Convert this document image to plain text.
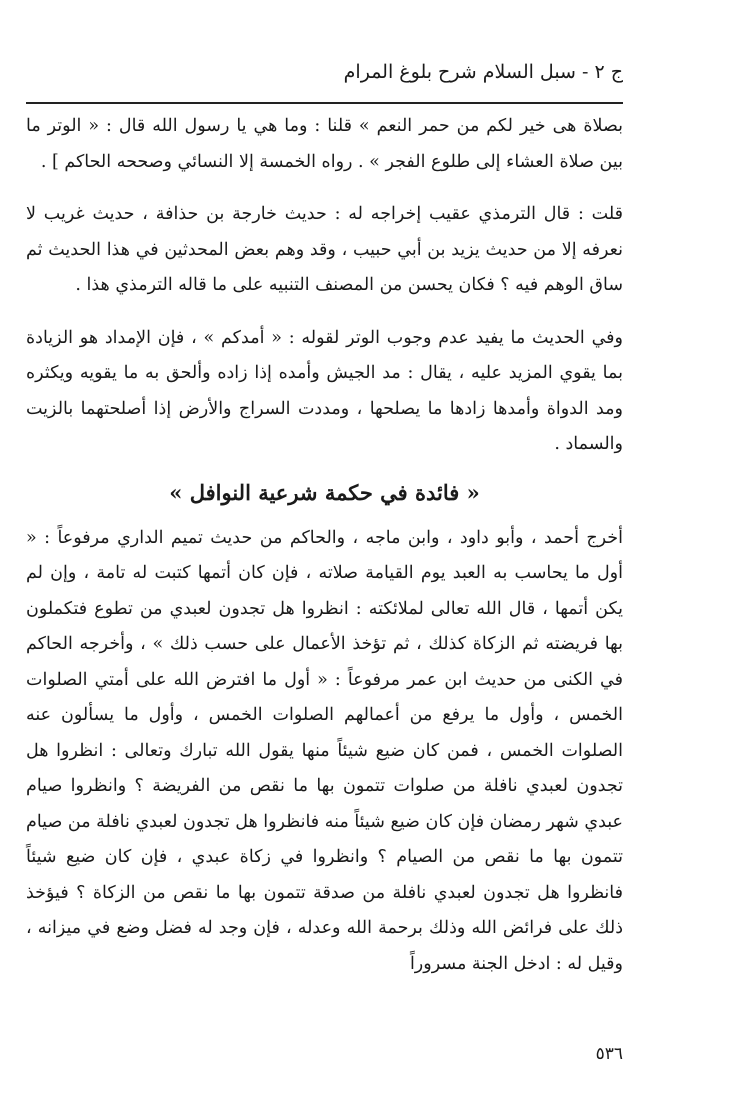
ج ٢ - سبل السلام شرح بلوغ المرام

بصلاة هى خير لكم من حمر النعم » قلنا : وما هي يا رسول الله قال : « الوتر ما بين صلاة العشاء إلى طلوع الفجر » . رواه الخمسة إلا النسائي وصححه الحاكم ] .

قلت : قال الترمذي عقيب إخراجه له : حديث خارجة بن حذافة ، حديث غريب لا نعرفه إلا من حديث يزيد بن أبي حبيب ، وقد وهم بعض المحدثين في هذا الحديث ثم ساق الوهم فيه ؟ فكان يحسن من المصنف التنبيه على ما قاله الترمذي هذا .

وفي الحديث ما يفيد عدم وجوب الوتر لقوله : « أمدكم » ، فإن الإمداد هو الزيادة بما يقوي المزيد عليه ، يقال : مد الجيش وأمده إذا زاده وألحق به ما يقويه ويكثره ومد الدواة وأمدها زادها ما يصلحها ، ومددت السراج والأرض إذا أصلحتهما بالزيت والسماد .

« فائدة في حكمة شرعية النوافل »

أخرج أحمد ، وأبو داود ، وابن ماجه ، والحاكم من حديث تميم الداري مرفوعاً : « أول ما يحاسب به العبد يوم القيامة صلاته ، فإن كان أتمها كتبت له تامة ، وإن لم يكن أتمها ، قال الله تعالى لملائكته : انظروا هل تجدون لعبدي من تطوع فتكملون بها فريضته ثم الزكاة كذلك ، ثم تؤخذ الأعمال على حسب ذلك » ، وأخرجه الحاكم في الكنى من حديث ابن عمر مرفوعاً : « أول ما افترض الله على أمتي الصلوات الخمس ، وأول ما يرفع من أعمالهم الصلوات الخمس ، وأول ما يسألون عنه الصلوات الخمس ، فمن كان ضيع شيئاً منها يقول الله تبارك وتعالى : انظروا هل تجدون لعبدي نافلة من صلوات تتمون بها ما نقص من الفريضة ؟ وانظروا صيام عبدي شهر رمضان فإن كان ضيع شيئاً منه فانظروا هل تجدون لعبدي نافلة من صيام تتمون بها ما نقص من الصيام ؟ وانظروا في زكاة عبدي ، فإن كان ضيع شيئاً فانظروا هل تجدون لعبدي نافلة من صدقة تتمون بها ما نقص من الزكاة ؟ فيؤخذ ذلك على فرائض الله وذلك برحمة الله وعدله ، فإن وجد له فضل وضع في ميزانه ، وقيل له : ادخل الجنة مسروراً

٥٣٦
